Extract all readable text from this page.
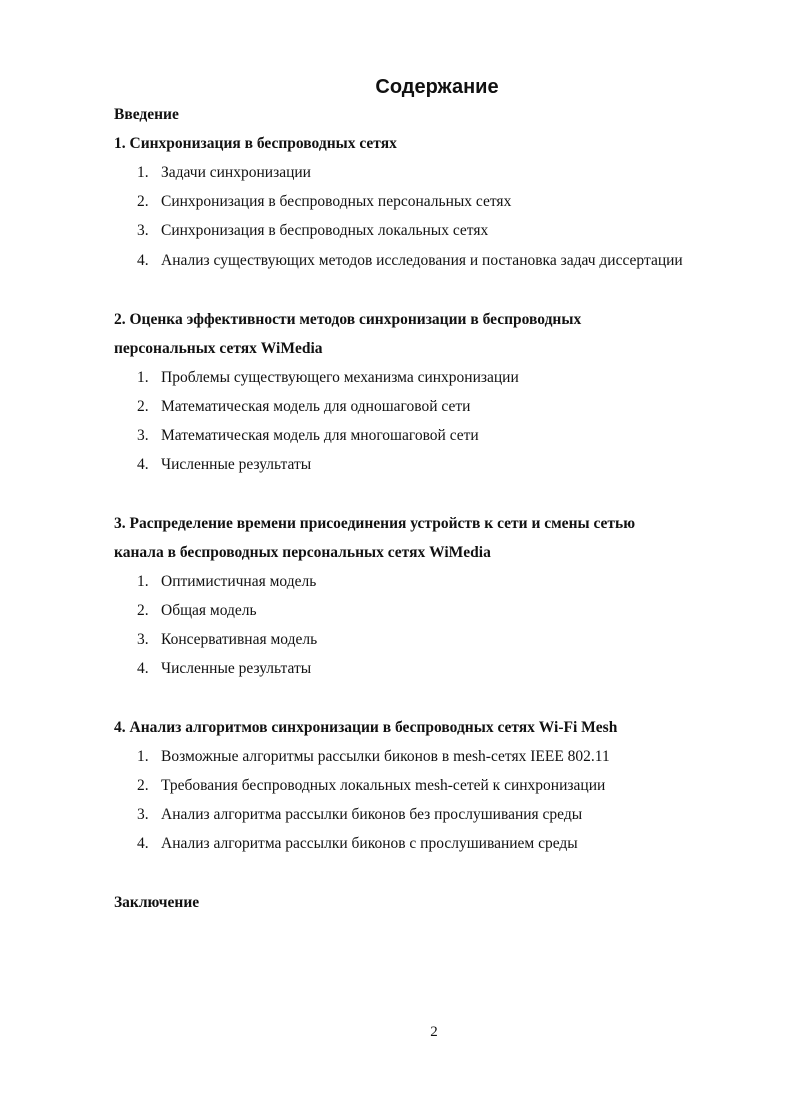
Содержание

Введение

1. Синхронизация в беспроводных сетях

1. Задачи синхронизации

2. Синхронизация в беспроводных персональных сетях

3. Синхронизация в беспроводных локальных сетях

4. Анализ существующих методов исследования и постановка задач диссертации

2. Оценка эффективности методов синхронизации в беспроводных

персональных сетях WiMedia

1. Проблемы существующего механизма синхронизации

2. Математическая модель для одношаговой сети

3. Математическая модель для многошаговой сети

4. Численные результаты

3. Распределение времени присоединения устройств к сети и смены сетью

канала в беспроводных персональных сетях WiMedia

1. Оптимистичная модель

2. Общая модель

3. Консервативная модель

4. Численные результаты

4. Анализ алгоритмов синхронизации в беспроводных сетях Wi-Fi Mesh

1. Возможные алгоритмы рассылки биконов в mesh-сетях IEEE 802.11

2. Требования беспроводных локальных mesh-сетей к синхронизации

3. Анализ алгоритма рассылки биконов без прослушивания среды

4. Анализ алгоритма рассылки биконов с прослушиванием среды

Заключение

2
